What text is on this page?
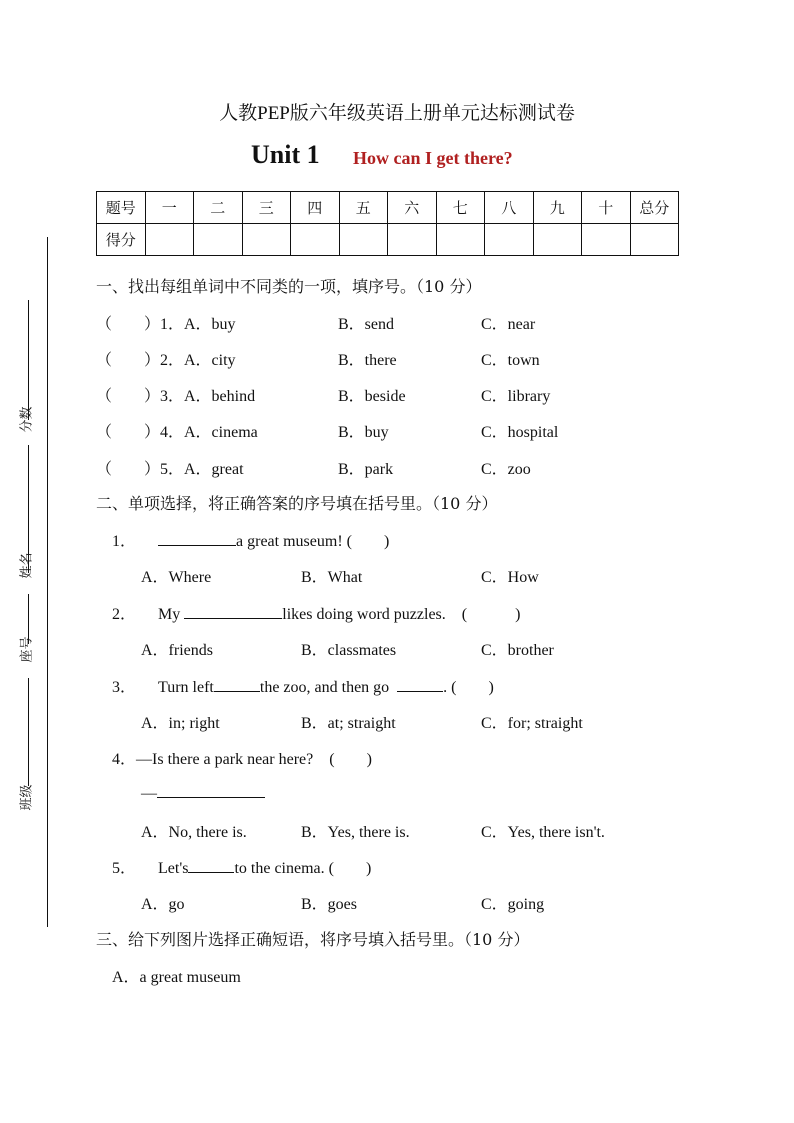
分数
姓名
座号
班级
人教PEP版六年级英语上册单元达标测试卷
Unit 1 How can I get there?
题号	一	二	三	四	五	六	七	八	九	十	总分
得分											
一、找出每组单词中不同类的一项，填序号。（10 分）
（　　）1．A．buy	B．send	C．near
（　　）2．A．city	B．there	C．town
（　　）3．A．behind	B．beside	C．library
（　　）4．A．cinema	B．buy	C．hospital
（　　）5．A．great	B．park	C．zoo
二、单项选择，将正确答案的序号填在括号里。（10 分）
1．	a great museum! (　　)
A．Where	B．What	C．How
2． My	likes doing word puzzles.　(　　　)
A．friends	B．classmates	C．brother
3． Turn left	the zoo, and then go	. (　　)
A．in; right	B．at; straight	C．for; straight
4．—Is there a park near here?　(　　)
—
A．No, there is.	B．Yes, there is.	C．Yes, there isn't.
5． Let's	to the cinema. (　　)
A．go	B．goes	C．going
三、给下列图片选择正确短语，将序号填入括号里。（10 分）
A．a great museum
